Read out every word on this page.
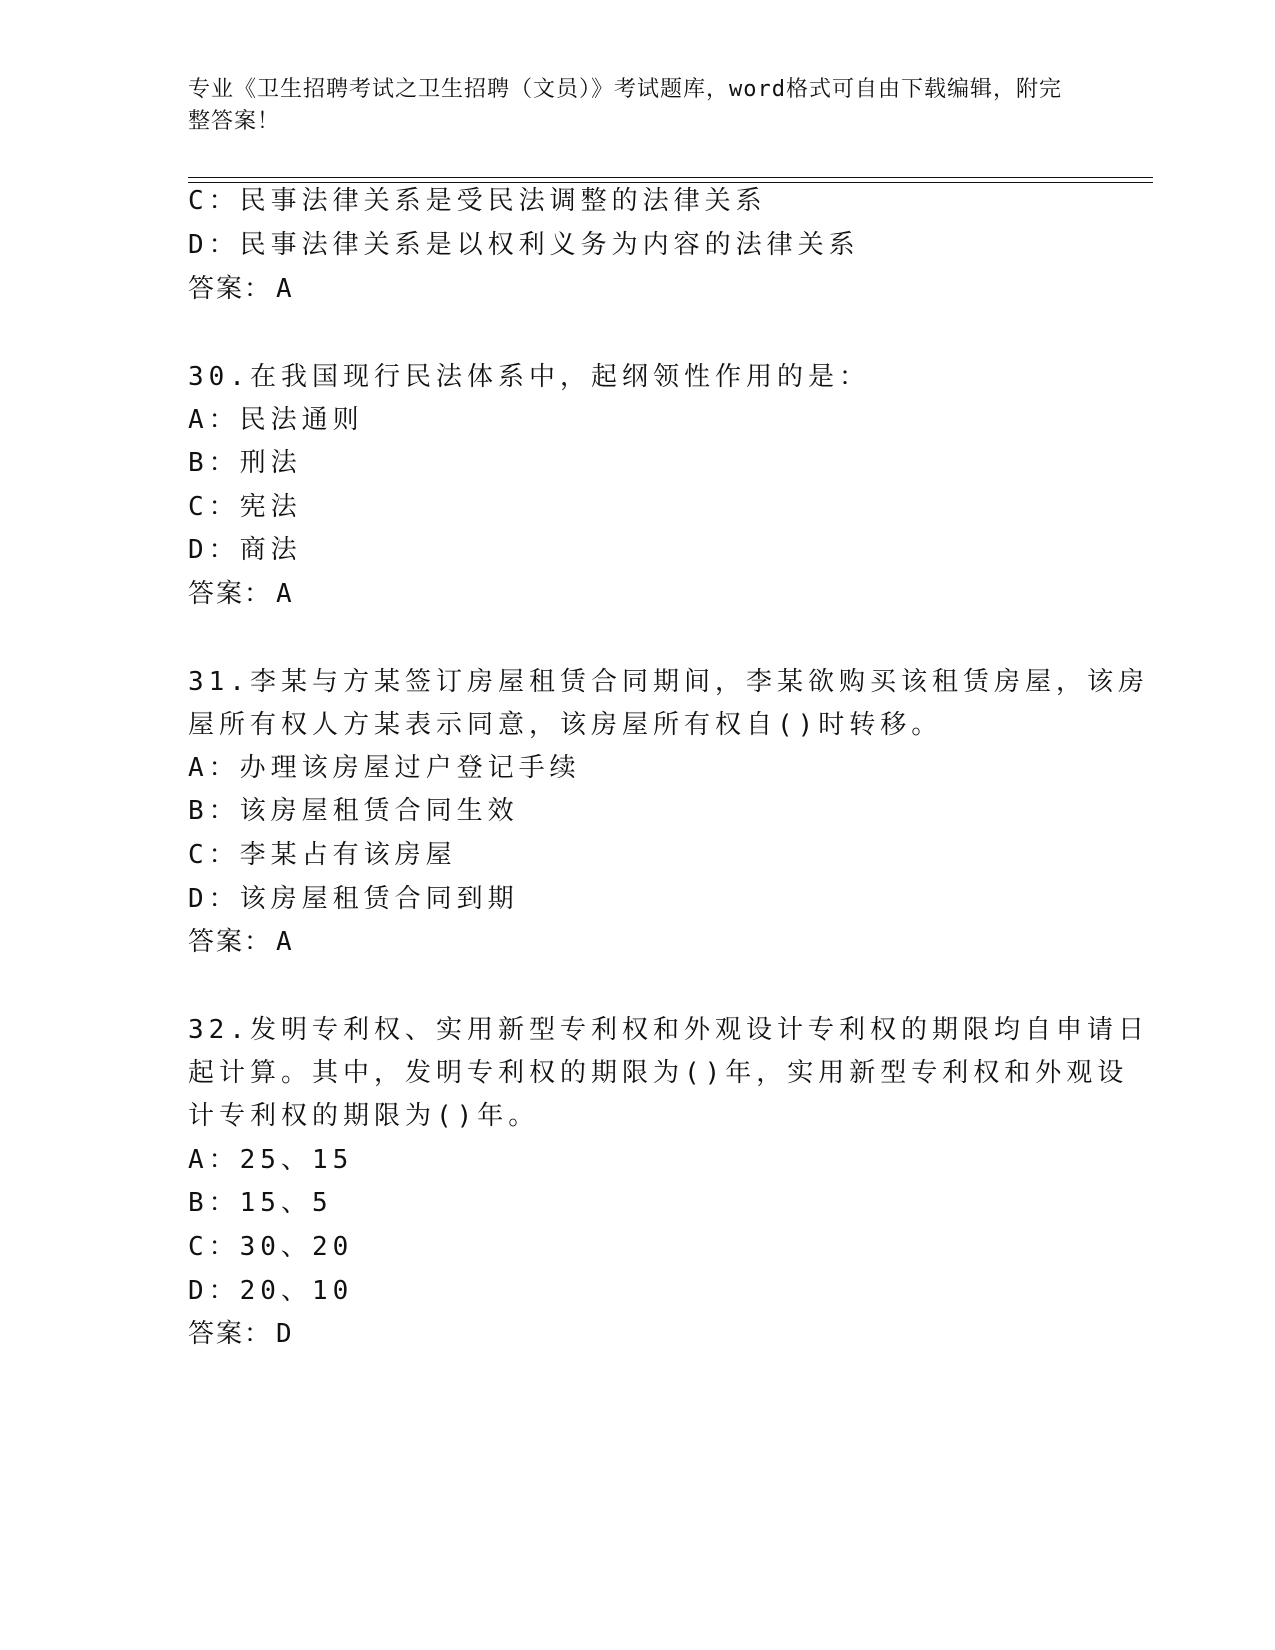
专业《卫生招聘考试之卫生招聘（文员）》考试题库，word格式可自由下载编辑，附完整答案！
C：民事法律关系是受民法调整的法律关系
D：民事法律关系是以权利义务为内容的法律关系
答案： A
30.在我国现行民法体系中，起纲领性作用的是：
A：民法通则
B：刑法
C：宪法
D：商法
答案： A
31.李某与方某签订房屋租赁合同期间，李某欲购买该租赁房屋，该房
屋所有权人方某表示同意，该房屋所有权自()时转移。
A：办理该房屋过户登记手续
B：该房屋租赁合同生效
C：李某占有该房屋
D：该房屋租赁合同到期
答案： A
32.发明专利权、实用新型专利权和外观设计专利权的期限均自申请日
起计算。其中，发明专利权的期限为()年，实用新型专利权和外观设
计专利权的期限为()年。
A：25、15
B：15、5
C：30、20
D：20、10
答案： D
